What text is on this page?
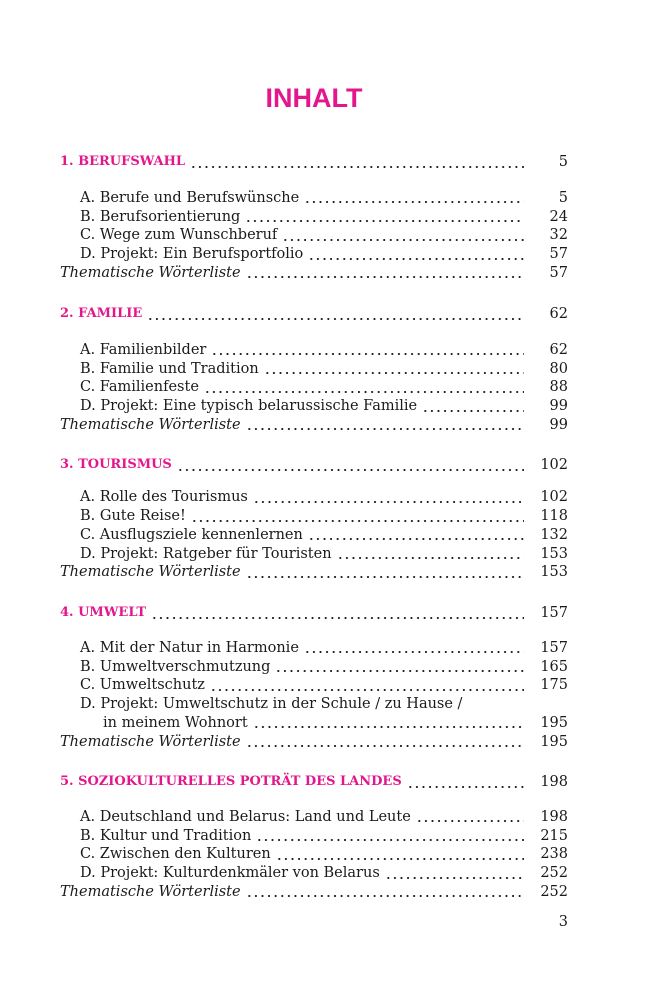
INHALT
1. BERUFSWAHL	5
A. Berufe und Berufswünsche	5
B. Berufsorientierung	24
C. Wege zum Wunschberuf	32
D. Projekt: Ein Berufsportfolio	57
Thematische Wörterliste	57
2. FAMILIE	62
A. Familienbilder	62
B. Familie und Tradition	80
C. Familienfeste	88
D. Projekt: Eine typisch belarussische Familie	99
Thematische Wörterliste	99
3. TOURISMUS	102
A. Rolle des Tourismus	102
B. Gute Reise!	118
C. Ausflugsziele kennenlernen	132
D. Projekt: Ratgeber für Touristen	153
Thematische Wörterliste	153
4. UMWELT	157
A. Mit der Natur in Harmonie	157
B. Umweltverschmutzung	165
C. Umweltschutz	175
D. Projekt: Umweltschutz in der Schule / zu Hause /
in meinem Wohnort	195
Thematische Wörterliste	195
5. SOZIOKULTURELLES POTRÄT DES LANDES	198
A. Deutschland und Belarus: Land und Leute	198
B. Kultur und Tradition	215
C. Zwischen den Kulturen	238
D. Projekt: Kulturdenkmäler von Belarus	252
Thematische Wörterliste	252
3
